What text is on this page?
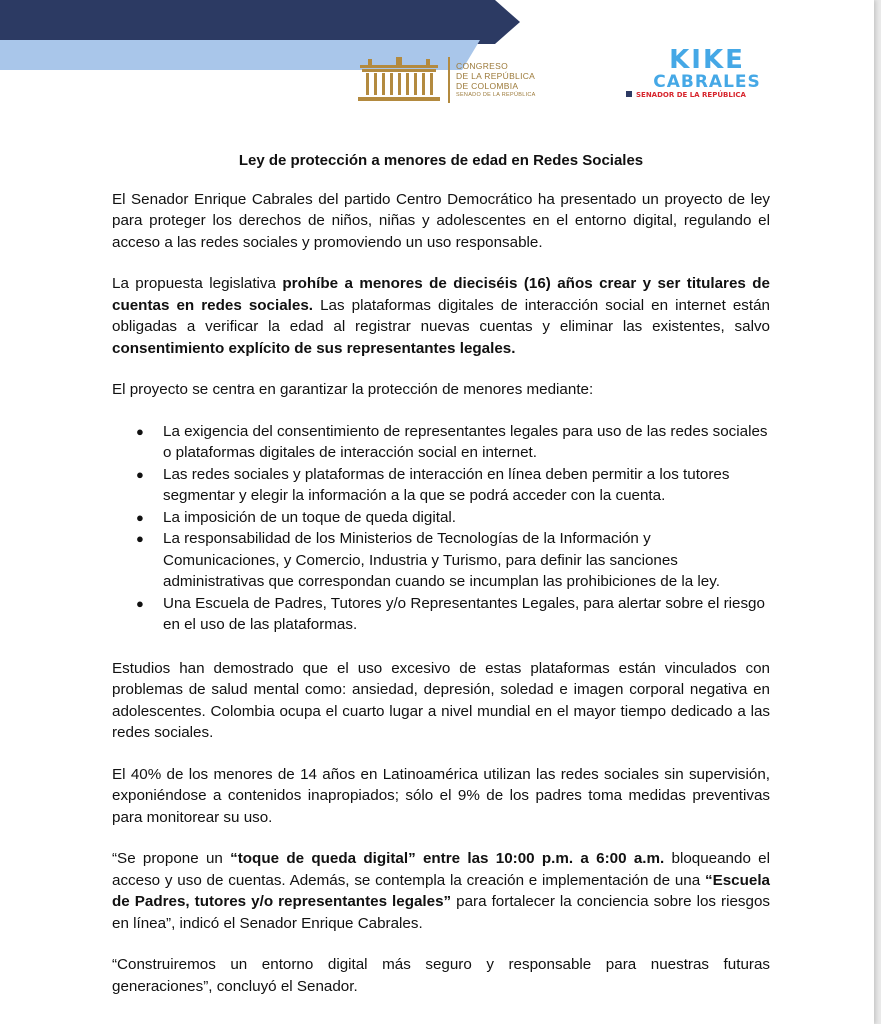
CONGRESO
DE LA REPÚBLICA
DE COLOMBIA
SENADO DE LA REPÚBLICA
KIKE
CABRALES
SENADOR DE LA REPÚBLICA
Ley de protección a menores de edad en Redes Sociales

El Senador Enrique Cabrales del partido Centro Democrático ha presentado un proyecto de ley para proteger los derechos de niños, niñas y adolescentes en el entorno digital, regulando el acceso a las redes sociales y promoviendo un uso responsable.

La propuesta legislativa prohíbe a menores de dieciséis (16) años crear y ser titulares de cuentas en redes sociales. Las plataformas digitales de interacción social en internet están obligadas a verificar la edad al registrar nuevas cuentas y eliminar las existentes, salvo consentimiento explícito de sus representantes legales.

El proyecto se centra en garantizar la protección de menores mediante:

● La exigencia del consentimiento de representantes legales para uso de las redes sociales o plataformas digitales de interacción social en internet.
● Las redes sociales y plataformas de interacción en línea deben permitir a los tutores segmentar y elegir la información a la que se podrá acceder con la cuenta.
● La imposición de un toque de queda digital.
● La responsabilidad de los Ministerios de Tecnologías de la Información y Comunicaciones, y Comercio, Industria y Turismo, para definir las sanciones administrativas que correspondan cuando se incumplan las prohibiciones de la ley.
● Una Escuela de Padres, Tutores y/o Representantes Legales, para alertar sobre el riesgo en el uso de las plataformas.

Estudios han demostrado que el uso excesivo de estas plataformas están vinculados con problemas de salud mental como: ansiedad, depresión, soledad e imagen corporal negativa en adolescentes. Colombia ocupa el cuarto lugar a nivel mundial en el mayor tiempo dedicado a las redes sociales.

El 40% de los menores de 14 años en Latinoamérica utilizan las redes sociales sin supervisión, exponiéndose a contenidos inapropiados; sólo el 9% de los padres toma medidas preventivas para monitorear su uso.

“Se propone un “toque de queda digital” entre las 10:00 p.m. a 6:00 a.m. bloqueando el acceso y uso de cuentas. Además, se contempla la creación e implementación de una “Escuela de Padres, tutores y/o representantes legales” para fortalecer la conciencia sobre los riesgos en línea”, indicó el Senador Enrique Cabrales.

“Construiremos un entorno digital más seguro y responsable para nuestras futuras generaciones”, concluyó el Senador.
